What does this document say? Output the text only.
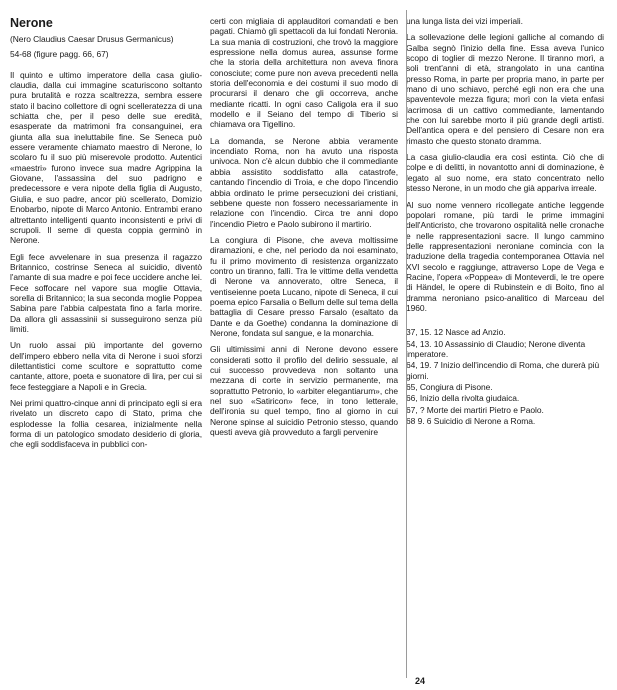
Nerone
(Nero Claudius Caesar Drusus Germanicus)
54-68 (figure pagg. 66, 67)

Il quinto e ultimo imperatore della casa giulio-claudia, dalla cui immagine scaturiscono soltanto pura brutalità e rozza scaltrezza, sembra essere stato il bacino collettore di ogni scelleratezza di una schiatta che, per il peso delle sue eredità, esasperate da matrimoni fra consanguinei, era giunta alla sua ineluttabile fine. Se Seneca può essere veramente chiamato maestro di Nerone, lo scolaro fu il suo più miserevole prodotto. Autentici «maestri» furono invece sua madre Agrippina la Giovane, l'assassina del suo padrigno e predecessore e vera nipote della figlia di Augusto, Giulia, e suo padre, ancor più scellerato, Domizio Enobarbo, nipote di Marco Antonio. Entrambi erano altrettanto intelligenti quanto inconsistenti e privi di scrupoli. Il seme di questa coppia germinò in Nerone.

Egli fece avvelenare in sua presenza il ragazzo Britannico, costrinse Seneca al suicidio, diventò l'amante di sua madre e poi fece uccidere anche lei. Fece soffocare nel vapore sua moglie Ottavia, sorella di Britannico; la sua seconda moglie Poppea Sabina pare l'abbia calpestata fino a farla morire. Da allora gli assassinii si susseguirono senza più limiti.

Un ruolo assai più importante del governo dell'impero ebbero nella vita di Nerone i suoi sforzi dilettantistici come scultore e soprattutto come cantante, attore, poeta e suonatore di lira, per cui si fece festeggiare a Napoli e in Grecia.

Nei primi quattro-cinque anni di principato egli si era rivelato un discreto capo di Stato, prima che esplodesse la follia cesarea, inizialmente nella forma di un patologico smodato desiderio di gloria, che egli soddisfaceva in pubblici con-

certi con migliaia di applauditori comandati e ben pagati. Chiamò gli spettacoli da lui fondati Neronia. La sua mania di costruzioni, che trovò la maggiore espressione nella domus aurea, assunse forme che la storia della architettura non aveva finora conosciute; come pure non aveva precedenti nella storia dell'economia e dei costumi il suo modo di procurarsi il denaro che gli occorreva, anche mediante ricatti. In ogni caso Caligola era il suo modello e il Seiano del tempo di Tiberio si chiamava ora Tigellino.

La domanda, se Nerone abbia veramente incendiato Roma, non ha avuto una risposta univoca. Non c'è alcun dubbio che il commediante abbia assistito soddisfatto alla catastrofe, cantando l'incendio di Troia, e che dopo l'incendio abbia ordinato le prime persecuzioni dei cristiani, sebbene queste non fossero necessariamente in relazione con l'incendio. Circa tre anni dopo l'incendio Pietro e Paolo subirono il martirio.

La congiura di Pisone, che aveva moltissime diramazioni, e che, nel periodo da noi esaminato, fu il primo movimento di resistenza organizzato contro un tiranno, fallì. Tra le vittime della vendetta di Nerone va annoverato, oltre Seneca, il ventiseienne poeta Lucano, nipote di Seneca, il cui poema epico Farsalia o Bellum delle sul tema della battaglia di Cesare presso Farsalo (esaltato da Dante e da Goethe) condanna la dominazione di Nerone, fondata sul sangue, e la monarchia.

Gli ultimissimi anni di Nerone devono essere considerati sotto il profilo del delirio sessuale, al cui successo provvedeva non soltanto una mezzana di corte in servizio permanente, ma soprattutto Petronio, lo «arbiter elegantiarum», che nel suo «Satiricon» fece, in tono letterale, dell'ironia su quel tempo, fino al giorno in cui Nerone spinse al suicidio Petronio stesso, quando questi aveva già provveduto a fargli pervenire

una lunga lista dei vizi imperiali.

La sollevazione delle legioni galliche al comando di Galba segnò l'inizio della fine. Essa aveva l'unico scopo di toglier di mezzo Nerone. Il tiranno morì, a soli trent'anni di età, strangolato in una cantina presso Roma, in parte per propria mano, in parte per mano di uno schiavo, perché egli non era che una spaventevole mezza figura; morì con la vieta enfasi lacrimosa di un cattivo commediante, lamentando che con lui sarebbe morto il più grande degli artisti. Dell'antica opera e del pensiero di Cesare non era rimasto che questo stonato dramma.

La casa giulio-claudia era così estinta. Ciò che di colpe e di delitti, in novantotto anni di dominazione, è legato al suo nome, era stato concentrato nello stesso Nerone, in un modo che già appariva irreale.

Al suo nome vennero ricollegate antiche leggende popolari romane, più tardi le prime immagini dell'Anticristo, che trovarono ospitalità nelle cronache e nelle rappresentazioni sacre. Il lungo cammino delle rappresentazioni neroniane comincia con la traduzione della tragedia contemporanea Ottavia nel XVI secolo e raggiunge, attraverso Lope de Vega e Racine, l'opera «Poppea» di Monteverdi, le tre opere di Händel, le opere di Rubinstein e di Boito, fino al dramma neroniano psico-analitico di Marceau del 1960.

37, 15. 12 Nasce ad Anzio.
54, 13. 10 Assassinio di Claudio; Nerone diventa imperatore.
64, 19. 7 Inizio dell'incendio di Roma, che durerà più giorni.
65, Congiura di Pisone.
66, Inizio della rivolta giudaica.
67, ? Morte dei martiri Pietro e Paolo.
68 9. 6 Suicidio di Nerone a Roma.
24
